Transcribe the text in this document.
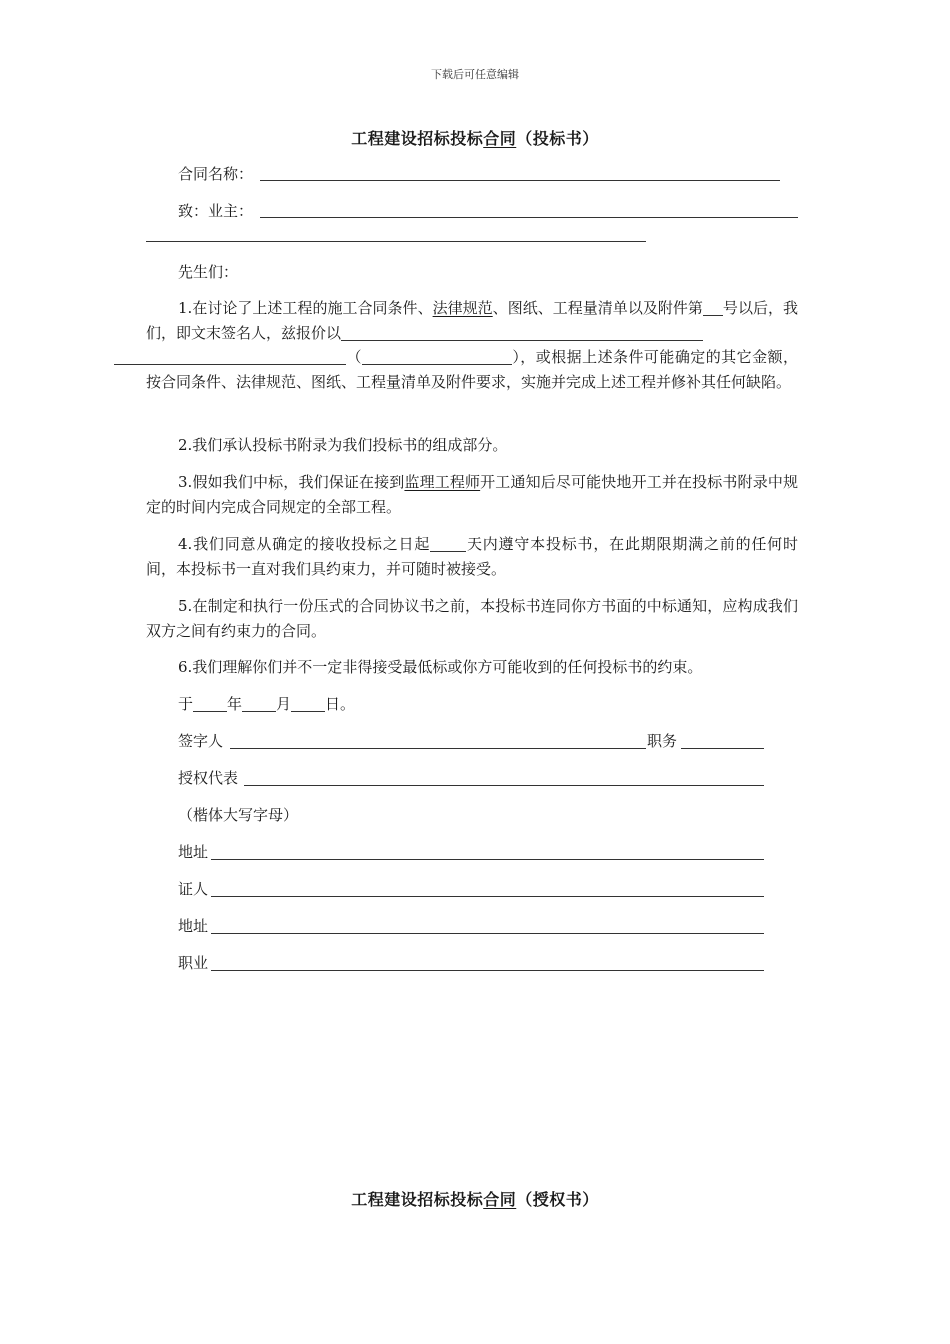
下载后可任意编辑
工程建设招标投标合同（投标书）
合同名称：
致：业主：
先生们：
1.在讨论了上述工程的施工合同条件、法律规范、图纸、工程量清单以及附件第 号以后，我们，即文末签名人，兹报价以
（	），或根据上述条件可能确定的其它金额，按合同条件、法律规范、图纸、工程量清单及附件要求，实施并完成上述工程并修补其任何缺陷。
2.我们承认投标书附录为我们投标书的组成部分。
3.假如我们中标，我们保证在接到监理工程师开工通知后尽可能快地开工并在投标书附录中规定的时间内完成合同规定的全部工程。
4.我们同意从确定的接收投标之日起 天内遵守本投标书，在此期限期满之前的任何时间，本投标书一直对我们具约束力，并可随时被接受。
5.在制定和执行一份压式的合同协议书之前，本投标书连同你方书面的中标通知，应构成我们双方之间有约束力的合同。
6.我们理解你们并不一定非得接受最低标或你方可能收到的任何投标书的约束。
于 年 月 日。
签字人	职务
授权代表
（楷体大写字母）
地址
证人
地址
职业
工程建设招标投标合同（授权书）
